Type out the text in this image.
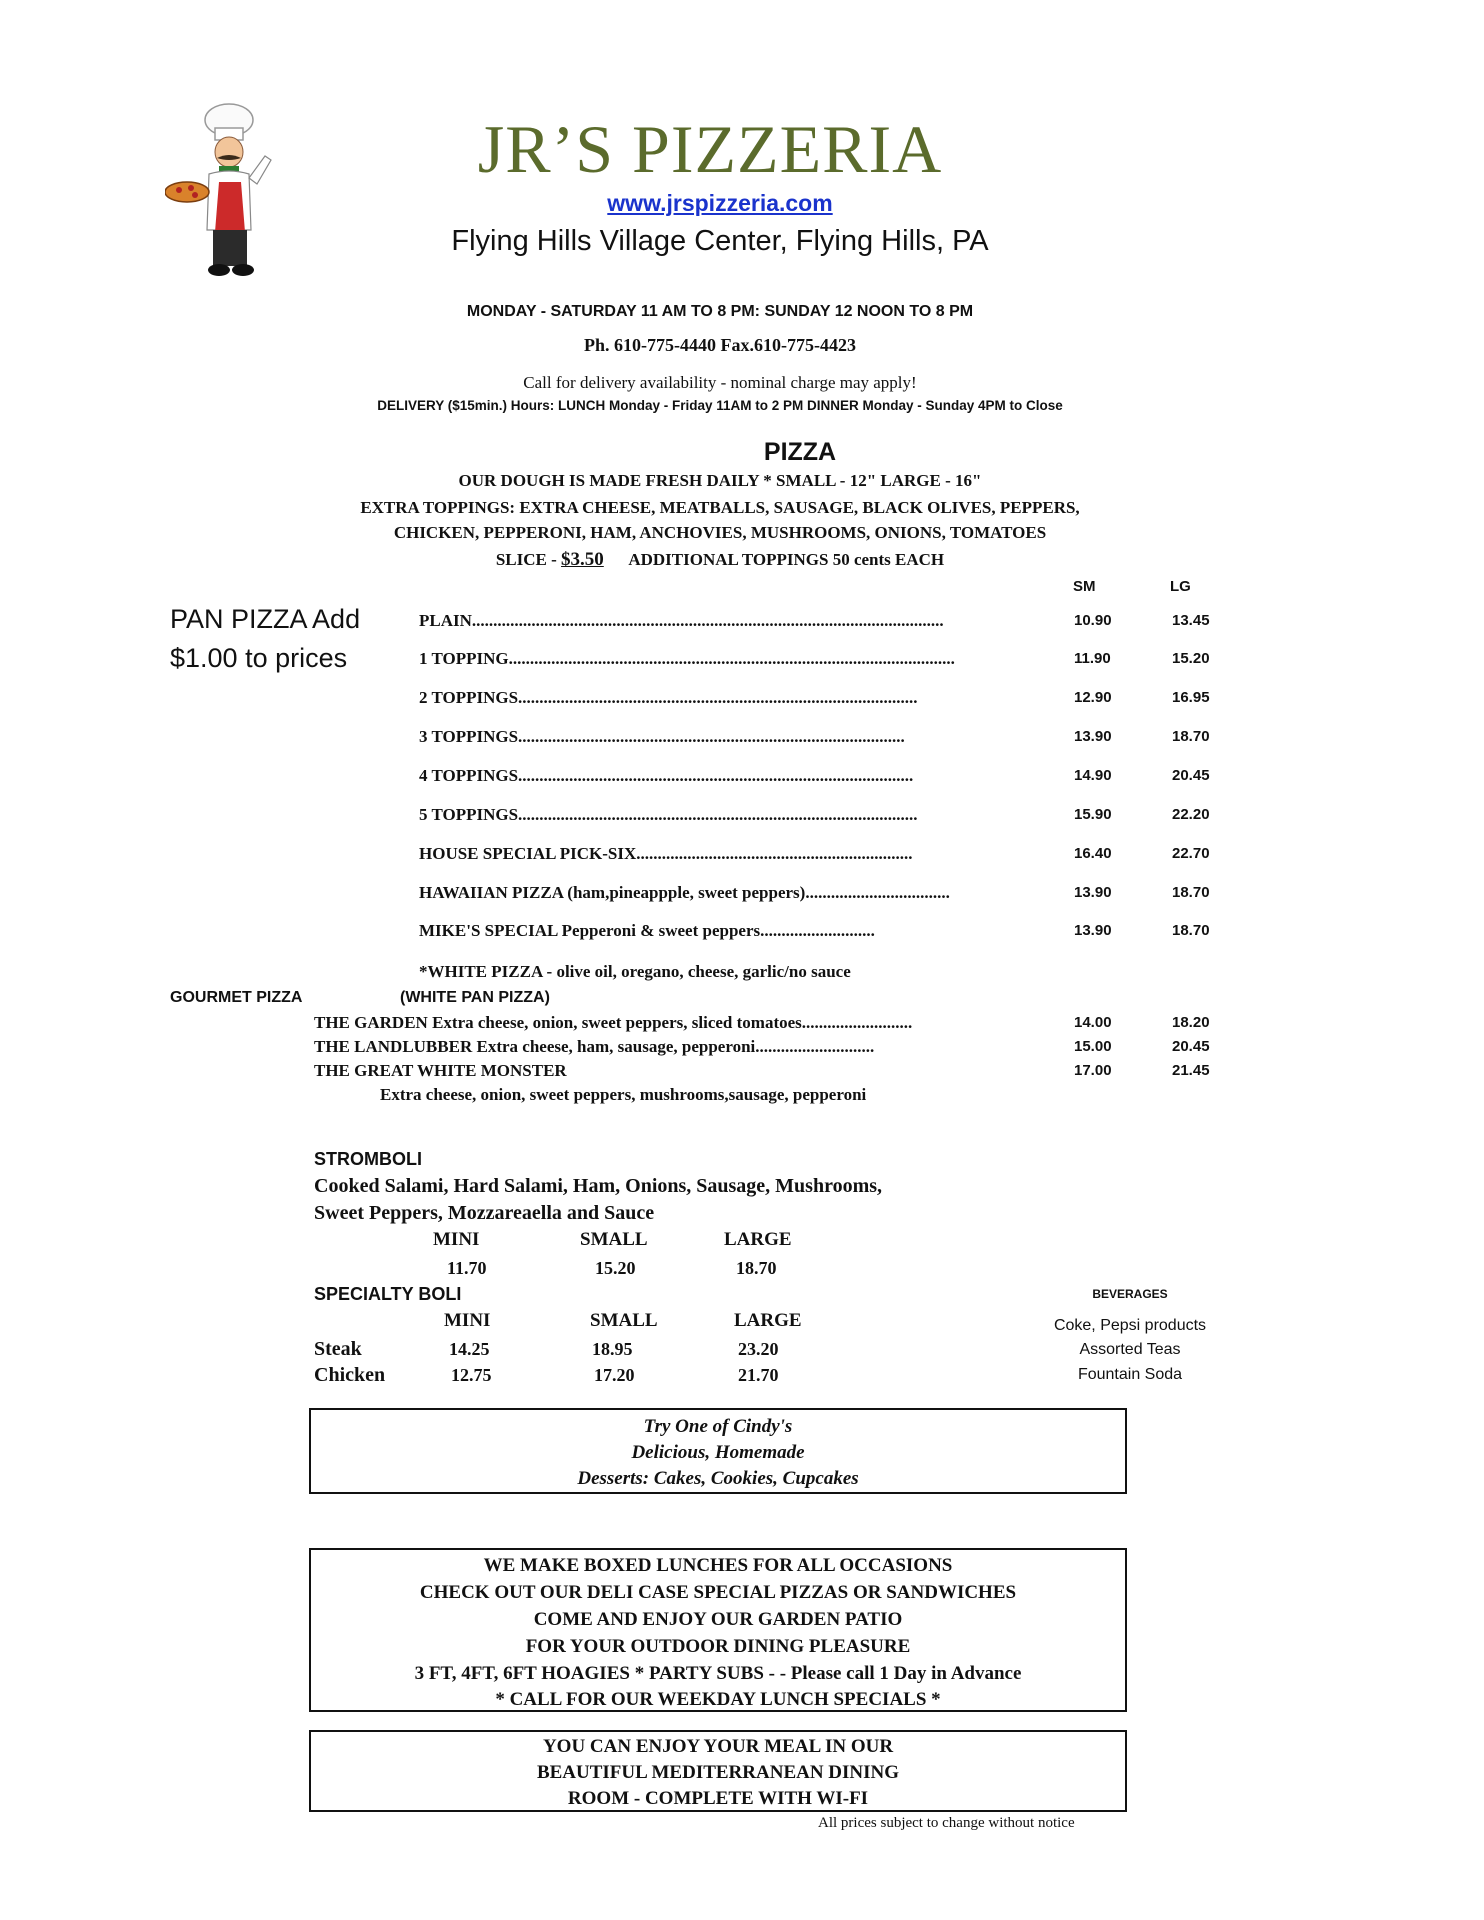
JR’S PIZZERIA
www.jrspizzeria.com
Flying Hills Village Center, Flying Hills, PA
MONDAY - SATURDAY 11 AM TO 8 PM: SUNDAY 12 NOON TO 8 PM
Ph. 610-775-4440 Fax.610-775-4423
Call for delivery availability - nominal charge may apply!
DELIVERY ($15min.) Hours: LUNCH Monday - Friday 11AM to 2 PM DINNER Monday - Sunday 4PM to Close
PIZZA
OUR DOUGH IS MADE FRESH DAILY * SMALL - 12" LARGE - 16"
EXTRA TOPPINGS: EXTRA CHEESE, MEATBALLS, SAUSAGE, BLACK OLIVES, PEPPERS,
CHICKEN, PEPPERONI, HAM, ANCHOVIES, MUSHROOMS, ONIONS, TOMATOES
SLICE - $3.50 ADDITIONAL TOPPINGS 50 cents EACH
SM	LG
PAN PIZZA Add
$1.00 to prices
PLAIN...............................................................................................................	10.90	13.45
1 TOPPING.........................................................................................................	11.90	15.20
2 TOPPINGS..............................................................................................	12.90	16.95
3 TOPPINGS...........................................................................................	13.90	18.70
4 TOPPINGS.............................................................................................	14.90	20.45
5 TOPPINGS..............................................................................................	15.90	22.20
HOUSE SPECIAL PICK-SIX.................................................................	16.40	22.70
HAWAIIAN PIZZA (ham,pineappple, sweet peppers)..................................	13.90	18.70
MIKE'S SPECIAL Pepperoni & sweet peppers...........................	13.90	18.70
*WHITE PIZZA - olive oil, oregano, cheese, garlic/no sauce
GOURMET PIZZA	(WHITE PAN PIZZA)
THE GARDEN Extra cheese, onion, sweet peppers, sliced tomatoes..........................	14.00	18.20
THE LANDLUBBER Extra cheese, ham, sausage, pepperoni............................	15.00	20.45
THE GREAT WHITE MONSTER	17.00	21.45
Extra cheese, onion, sweet peppers, mushrooms,sausage, pepperoni
STROMBOLI
Cooked Salami, Hard Salami, Ham, Onions, Sausage, Mushrooms,
Sweet Peppers, Mozzareaella and Sauce
MINI	SMALL	LARGE
11.70	15.20	18.70
SPECIALTY BOLI
MINI	SMALL	LARGE
Steak	14.25	18.95	23.20
Chicken	12.75	17.20	21.70
BEVERAGES
Coke, Pepsi products
Assorted Teas
Fountain Soda
Try One of Cindy's
Delicious, Homemade
Desserts: Cakes, Cookies, Cupcakes
WE MAKE BOXED LUNCHES FOR ALL OCCASIONS
CHECK OUT OUR DELI CASE SPECIAL PIZZAS OR SANDWICHES
COME AND ENJOY OUR GARDEN PATIO
FOR YOUR OUTDOOR DINING PLEASURE
3 FT, 4FT, 6FT HOAGIES * PARTY SUBS - - Please call 1 Day in Advance
* CALL FOR OUR WEEKDAY LUNCH SPECIALS *
YOU CAN ENJOY YOUR MEAL IN OUR
BEAUTIFUL MEDITERRANEAN DINING
ROOM - COMPLETE WITH WI-FI
All prices subject to change without notice
